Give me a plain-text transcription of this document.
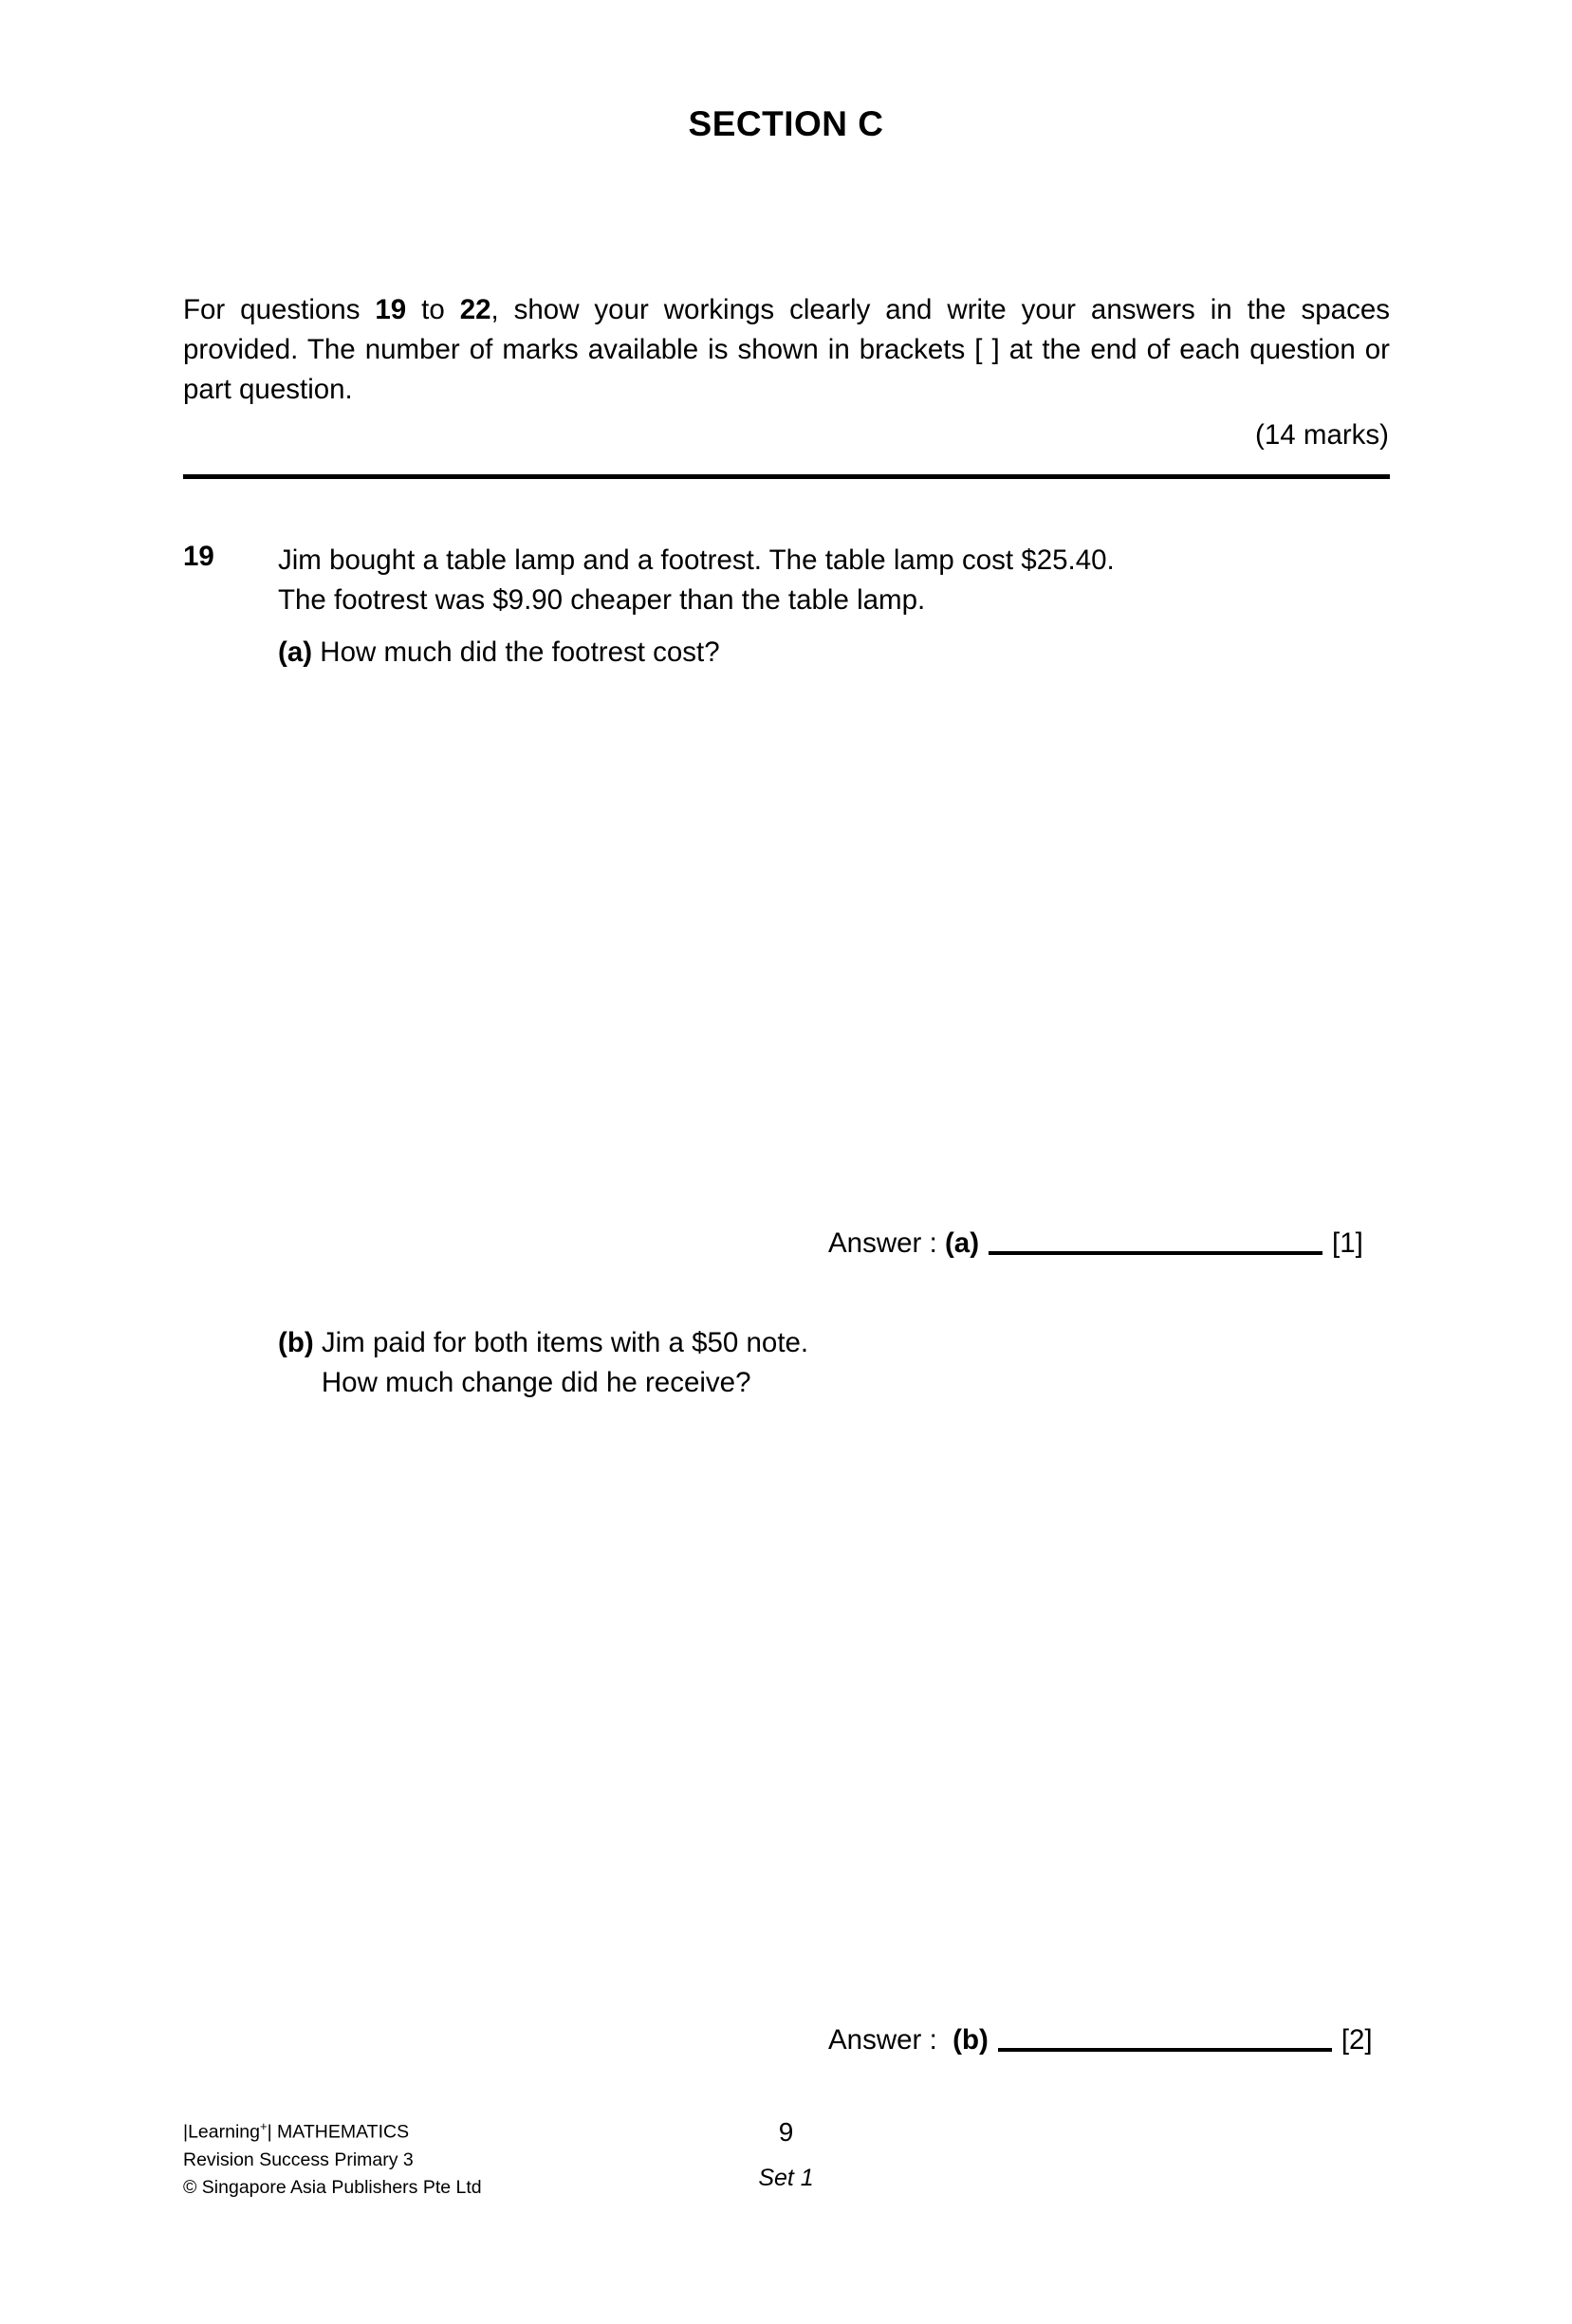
SECTION C
For questions 19 to 22, show your workings clearly and write your answers in the spaces provided. The number of marks available is shown in brackets [ ] at the end of each question or part question.
(14 marks)
19 Jim bought a table lamp and a footrest. The table lamp cost $25.40.
The footrest was $9.90 cheaper than the table lamp.
(a) How much did the footrest cost?
Answer : (a)	[1]
(b) Jim paid for both items with a $50 note.
How much change did he receive?
Answer : (b)	[2]
|Learning+| MATHEMATICS
Revision Success Primary 3
© Singapore Asia Publishers Pte Ltd
9
Set 1
